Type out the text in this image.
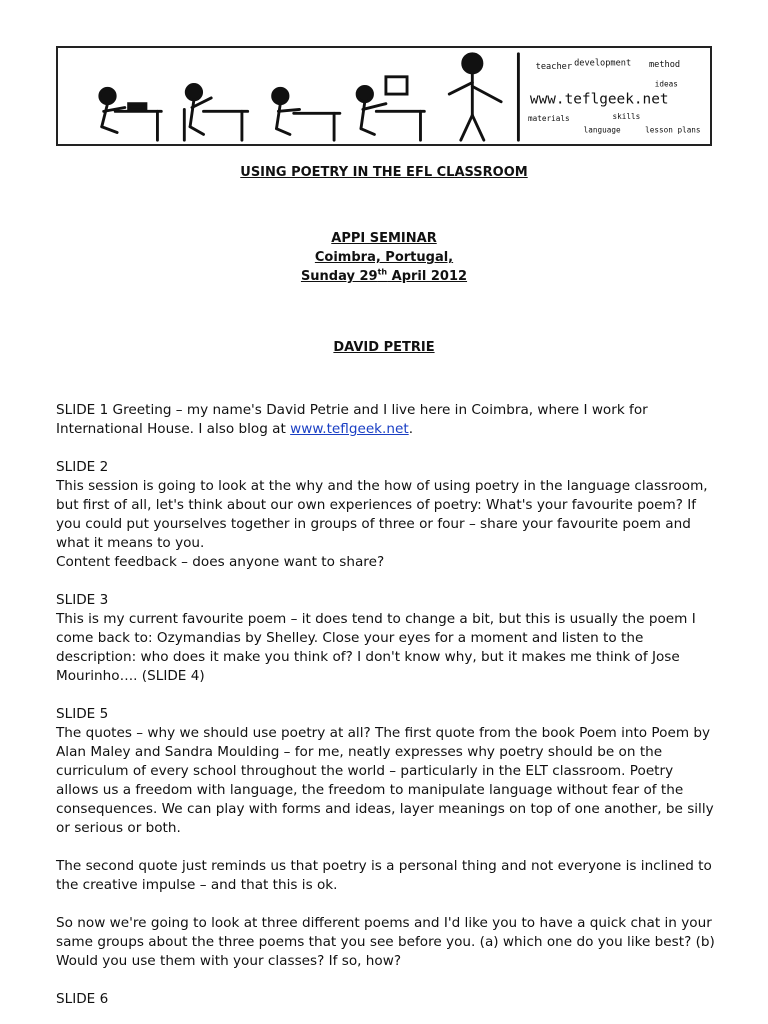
www.teflgeek.net
teacher development method
materials	skills
language	lesson plans
ideas
USING POETRY IN THE EFL CLASSROOM
APPI SEMINAR
Coimbra, Portugal,
Sunday 29th April 2012
DAVID PETRIE

SLIDE 1 Greeting – my name's David Petrie and I live here in Coimbra, where I work for International House. I also blog at www.teflgeek.net.

SLIDE 2

This session is going to look at the why and the how of using poetry in the language classroom, but first of all, let's think about our own experiences of poetry: What's your favourite poem? If you could put yourselves together in groups of three or four – share your favourite poem and what it means to you.

Content feedback – does anyone want to share?

SLIDE 3

This is my current favourite poem – it does tend to change a bit, but this is usually the poem I come back to: Ozymandias by Shelley. Close your eyes for a moment and listen to the description: who does it make you think of? I don't know why, but it makes me think of Jose Mourinho…. (SLIDE 4)

SLIDE 5

The quotes – why we should use poetry at all? The first quote from the book Poem into Poem by Alan Maley and Sandra Moulding – for me, neatly expresses why poetry should be on the curriculum of every school throughout the world – particularly in the ELT classroom. Poetry allows us a freedom with language, the freedom to manipulate language without fear of the consequences. We can play with forms and ideas, layer meanings on top of one another, be silly or serious or both.

The second quote just reminds us that poetry is a personal thing and not everyone is inclined to the creative impulse – and that this is ok.

So now we're going to look at three different poems and I'd like you to have a quick chat in your same groups about the three poems that you see before you. (a) which one do you like best? (b) Would you use them with your classes? If so, how?

SLIDE 6
